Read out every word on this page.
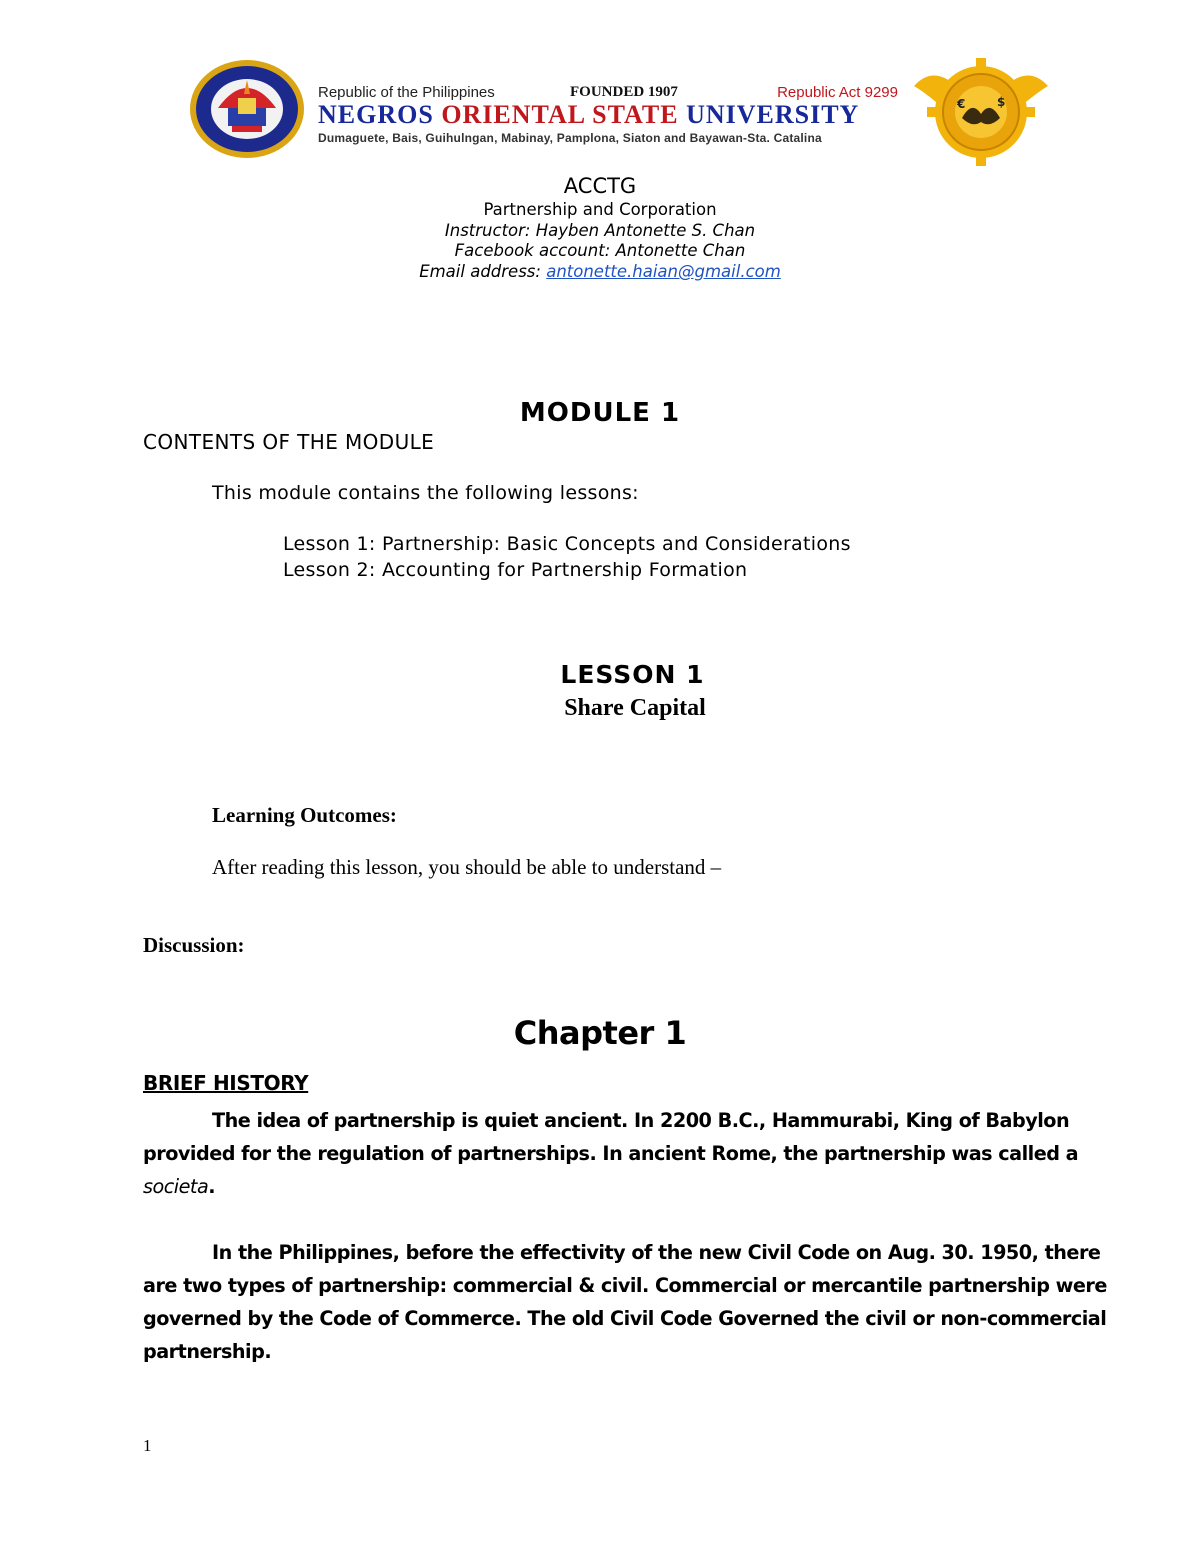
Republic of the Philippines	FOUNDED 1907	Republic Act 9299
NEGROS ORIENTAL STATE UNIVERSITY
Dumaguete, Bais, Guihulngan, Mabinay, Pamplona, Siaton and Bayawan-Sta. Catalina
€	$
ACCTG
Partnership and Corporation
Instructor: Hayben Antonette S. Chan
Facebook account: Antonette Chan
Email address: antonette.haian@gmail.com
MODULE 1
CONTENTS OF THE MODULE
This module contains the following lessons:
Lesson 1: Partnership: Basic Concepts and Considerations
Lesson 2: Accounting for Partnership Formation
LESSON 1
Share Capital
Learning Outcomes:
After reading this lesson, you should be able to understand –
Discussion:
Chapter 1
BRIEF HISTORY
The idea of partnership is quiet ancient. In 2200 B.C., Hammurabi, King of Babylon
provided for the regulation of partnerships. In ancient Rome, the partnership was called a
societa.
In the Philippines, before the effectivity of the new Civil Code on Aug. 30. 1950, there
are two types of partnership: commercial & civil. Commercial or mercantile partnership were
governed by the Code of Commerce. The old Civil Code Governed the civil or non-commercial
partnership.
1
